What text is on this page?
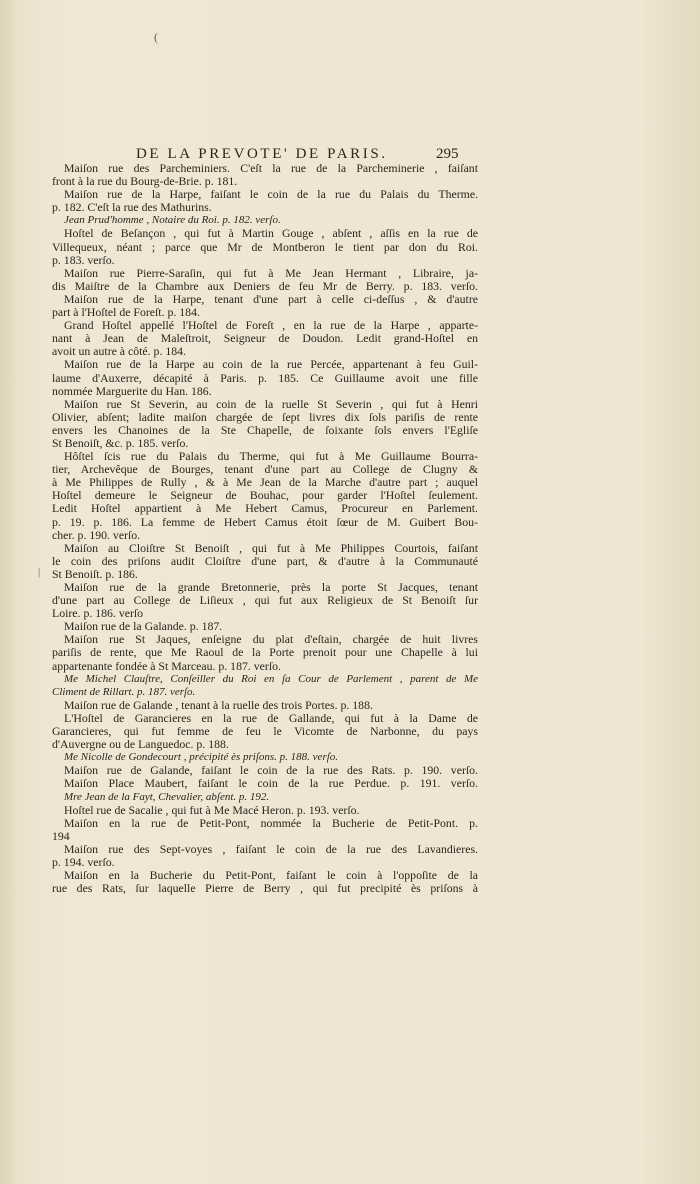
(
|
DE LA PREVOTE' DE PARIS.	295
Maiſon rue des Parcheminiers. C'eſt la rue de la Parcheminerie , faiſant
front à la rue du Bourg-de-Brie. p. 181.
Maiſon rue de la Harpe, faiſant le coin de la rue du Palais du Therme.
p. 182. C'eſt la rue des Mathurins.
Jean Prud'homme , Notaire du Roi. p. 182. verſo.
Hoſtel de Beſançon , qui fut à Martin Gouge , abſent , aſſis en la rue de
Villequeux, néant ; parce que Mr de Montberon le tient par don du Roi.
p. 183. verſo.
Maiſon rue Pierre-Saraſin, qui fut à Me Jean Hermant , Libraire, ja-
dis Maiſtre de la Chambre aux Deniers de feu Mr de Berry. p. 183. verſo.
Maiſon rue de la Harpe, tenant d'une part à celle ci-deſſus , & d'autre
part à l'Hoſtel de Foreſt. p. 184.
Grand Hoſtel appellé l'Hoſtel de Foreſt , en la rue de la Harpe , apparte-
nant à Jean de Maleſtroit, Seigneur de Doudon. Ledit grand-Hoſtel en
avoit un autre à côté. p. 184.
Maiſon rue de la Harpe au coin de la rue Percée, appartenant à feu Guil-
laume d'Auxerre, décapité à Paris. p. 185. Ce Guillaume avoit une fille
nommée Marguerite du Han. 186.
Maiſon rue St Severin, au coin de la ruelle St Severin , qui fut à Henri
Olivier, abſent; ladite maiſon chargée de ſept livres dix ſols pariſis de rente
envers les Chanoines de la Ste Chapelle, de ſoixante ſols envers l'Egliſe
St Benoiſt, &c. p. 185. verſo.
Hôſtel ſcis rue du Palais du Therme, qui fut à Me Guillaume Bourra-
tier, Archevêque de Bourges, tenant d'une part au College de Clugny &
à Me Philippes de Rully , & à Me Jean de la Marche d'autre part ; auquel
Hoſtel demeure le Seigneur de Bouhac, pour garder l'Hoſtel ſeulement.
Ledit Hoſtel appartient à Me Hebert Camus, Procureur en Parlement.
p. 19. p. 186. La femme de Hebert Camus étoit ſœur de M. Guibert Bou-
cher. p. 190. verſo.
Maiſon au Cloiſtre St Benoiſt , qui fut à Me Philippes Courtois, faiſant
le coin des priſons audit Cloiſtre d'une part, & d'autre à la Communauté
St Benoiſt. p. 186.
Maiſon rue de la grande Bretonnerie, près la porte St Jacques, tenant
d'une part au College de Liſieux , qui fut aux Religieux de St Benoiſt ſur
Loire. p. 186. verſo
Maiſon rue de la Galande. p. 187.
Maiſon rue St Jaques, enſeigne du plat d'eſtain, chargée de huit livres
pariſis de rente, que Me Raoul de la Porte prenoit pour une Chapelle à lui
appartenante fondée à St Marceau. p. 187. verſo.
Me Michel Clauſtre, Conſeiller du Roi en ſa Cour de Parlement , parent de Me
Climent de Rillart. p. 187. verſo.
Maiſon rue de Galande , tenant à la ruelle des trois Portes. p. 188.
L'Hoſtel de Garancieres en la rue de Gallande, qui fut à la Dame de
Garancieres, qui fut femme de feu le Vicomte de Narbonne, du pays
d'Auvergne ou de Languedoc. p. 188.
Me Nicolle de Gondecourt , précipité ès priſons. p. 188. verſo.
Maiſon rue de Galande, faiſant le coin de la rue des Rats. p. 190. verſo.
Maiſon Place Maubert, faiſant le coin de la rue Perdue. p. 191. verſo.
Mre Jean de la Fayt, Chevalier, abſent. p. 192.
Hoſtel rue de Sacalie , qui fut à Me Macé Heron. p. 193. verſo.
Maiſon en la rue de Petit-Pont, nommée la Bucherie de Petit-Pont. p.
194
Maiſon rue des Sept-voyes , faiſant le coin de la rue des Lavandieres.
p. 194. verſo.
Maiſon en la Bucherie du Petit-Pont, faiſant le coin à l'oppoſite de la
rue des Rats, ſur laquelle Pierre de Berry , qui fut precipité ès priſons à
